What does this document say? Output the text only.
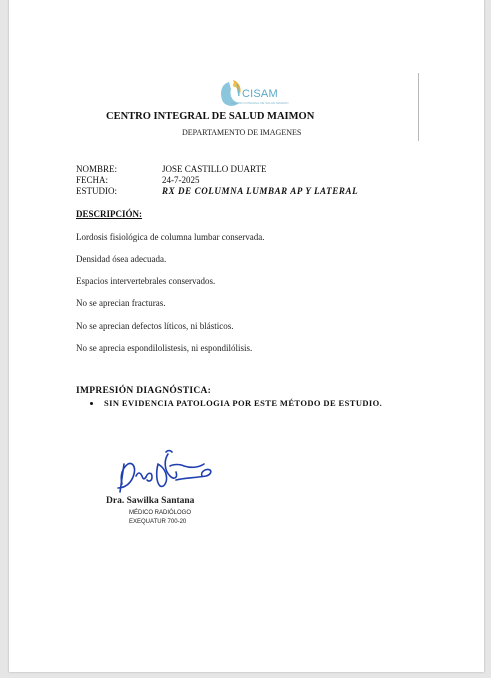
CISAM
CENTRO INTEGRAL DE SALUD MAIMON
CENTRO INTEGRAL DE SALUD MAIMON
DEPARTAMENTO DE IMAGENES
NOMBRE:	JOSE CASTILLO DUARTE
FECHA:	24-7-2025
ESTUDIO:	RX DE COLUMNA LUMBAR AP Y LATERAL
DESCRIPCIÓN:
Lordosis fisiológica de columna lumbar conservada.
Densidad ósea adecuada.
Espacios intervertebrales conservados.
No se aprecian fracturas.
No se aprecian defectos líticos, ni blásticos.
No se aprecia espondilolistesis, ni espondilólisis.
IMPRESIÓN DIAGNÓSTICA:
SIN EVIDENCIA PATOLOGIA POR ESTE MÉTODO DE ESTUDIO.
Dra. Sawilka Santana
MÉDICO RADIÓLOGO
EXEQUATUR 700-20
